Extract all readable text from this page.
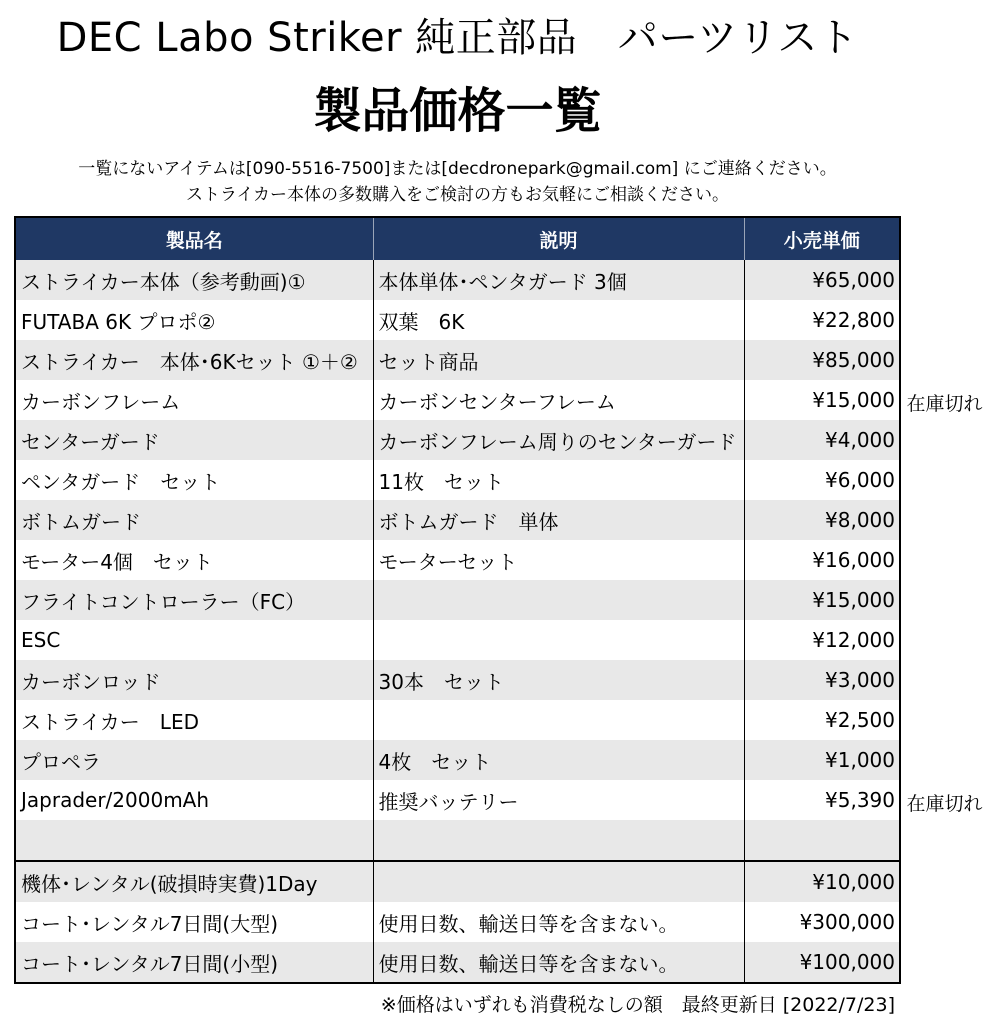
DEC Labo Striker 純正部品　パーツリスト
製品価格一覧
一覧にないアイテムは[090-5516-7500]または[decdronepark@gmail.com] にご連絡ください。
ストライカー本体の多数購入をご検討の方もお気軽にご相談ください。
製品名	説明	小売単価
ストライカー本体（参考動画)①	本体単体･ペンタガード 3個	¥65,000
FUTABA 6K プロポ②	双葉　6K	¥22,800
ストライカー　本体･6Kセット ①＋②	セット商品	¥85,000
カーボンフレーム	カーボンセンターフレーム	¥15,000 在庫切れ

センターガード	カーボンフレーム周りのセンターガード	¥4,000
ペンタガード　セット	11枚　セット	¥6,000
ボトムガード	ボトムガード　単体	¥8,000
モーター4個　セット	モーターセット	¥16,000
フライトコントローラー（FC）		¥15,000
ESC		¥12,000
カーボンロッド	30本　セット	¥3,000
ストライカー　LED		¥2,500
プロペラ	4枚　セット	¥1,000
Japrader/2000mAh	推奨バッテリー	¥5,390 在庫切れ

機体･レンタル(破損時実費)1Day		¥10,000
コート･レンタル7日間(大型)	使用日数、輸送日等を含まない。	¥300,000
コート･レンタル7日間(小型)	使用日数、輸送日等を含まない。	¥100,000
※価格はいずれも消費税なしの額　最終更新日 [2022/7/23]
